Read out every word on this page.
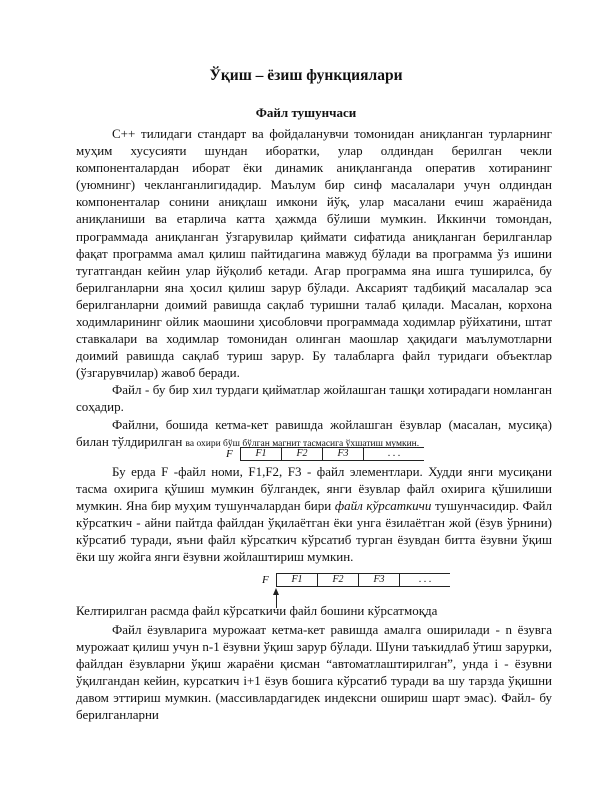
Ўқиш – ёзиш функциялари
Файл тушунчаси

C++ тилидаги стандарт ва фойдаланувчи томонидан аниқланган турларнинг муҳим хусусияти шундан иборатки, улар олдиндан берилган чекли компоненталардан иборат ёки динамик аниқланганда оператив хотиранинг (уюмнинг) чекланганлигидадир. Маълум бир синф масалалари учун олдиндан компоненталар сонини аниқлаш имкони йўқ, улар масалани ечиш жараёнида аниқланиши ва етарлича катта ҳажмда бўлиши мумкин. Иккинчи томондан, программада аниқланган ўзгарувилар қиймати сифатида аниқланган берилганлар фақат программа амал қилиш пайтидагина мавжуд бўлади ва программа ўз ишини тугатгандан кейин улар йўқолиб кетади. Агар программа яна ишга туширилса, бу берилганларни яна ҳосил қилиш зарур бўлади. Аксарият тадбиқий масалалар эса берилганларни доимий равишда сақлаб туришни талаб қилади. Масалан, корхона ходимларининг ойлик маошини ҳисобловчи программада ходимлар рўйхатини, штат ставкалари ва ходимлар томонидан олинган маошлар ҳақидаги маълумотларни доимий равишда сақлаб туриш зарур. Бу талабларга файл туридаги объектлар (ўзгарувчилар) жавоб беради.

Файл - бу бир хил турдаги қийматлар жойлашган ташқи хотирадаги номланган соҳадир.

Файлни, бошида кетма-кет равишда жойлашган ёзувлар (масалан, мусиқа) билан тўлдирилган ва охири бўш бўлган магнит тасмасига ўхшатиш мумкин.

F	F1	F2	F3	. . .

Бу ерда F -файл номи, F1,F2, F3 - файл элементлари. Худди янги мусиқани тасма охирига қўшиш мумкин бўлгандек, янги ёзувлар файл охирига қўшилиши мумкин. Яна бир муҳим тушунчалардан бири файл кўрсаткичи тушунчасидир. Файл кўрсаткич - айни пайтда файлдан ўқилаётган ёки унга ёзилаётган жой (ёзув ўрнини) кўрсатиб туради, яъни файл кўрсаткич кўрсатиб турган ёзувдан битта ёзувни ўқиш ёки шу жойга янги ёзувни жойлаштириш мумкин.

F	F1	F2	F3	. . .
Келтирилган расмда файл кўрсаткичи файл бошини кўрсатмоқда

Файл ёзувларига мурожаат кетма-кет равишда амалга оширилади - n ёзувга мурожаат қилиш учун n-1 ёзувни ўқиш зарур бўлади. Шуни таъкидлаб ўтиш зарурки, файлдан ёзувларни ўқиш жараёни қисман “автоматлаштирилган”, унда i - ёзувни ўқилгандан кейин, курсаткич i+1 ёзув бошига кўрсатиб туради ва шу тарзда ўқишни давом эттириш мумкин. (массивлардагидек индексни ошириш шарт эмас). Файл- бу берилганларни
